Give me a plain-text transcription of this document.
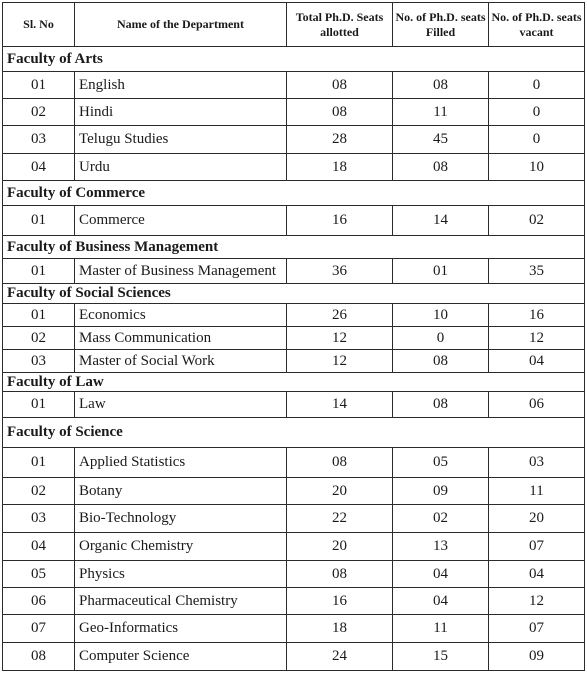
Sl. No	Name of the Department	Total Ph.D. Seats allotted	No. of Ph.D. seats Filled	No. of Ph.D. seats vacant
Faculty of Arts				
01	English	08	08	0
02	Hindi	08	11	0
03	Telugu Studies	28	45	0
04	Urdu	18	08	10
Faculty of Commerce				
01	Commerce	16	14	02
Faculty of Business Management				
01	Master of Business Management	36	01	35
Faculty of Social Sciences				
01	Economics	26	10	16
02	Mass Communication	12	0	12
03	Master of Social Work	12	08	04
Faculty of Law				
01	Law	14	08	06
Faculty of Science				
01	Applied Statistics	08	05	03
02	Botany	20	09	11
03	Bio-Technology	22	02	20
04	Organic Chemistry	20	13	07
05	Physics	08	04	04
06	Pharmaceutical Chemistry	16	04	12
07	Geo-Informatics	18	11	07
08	Computer Science	24	15	09
